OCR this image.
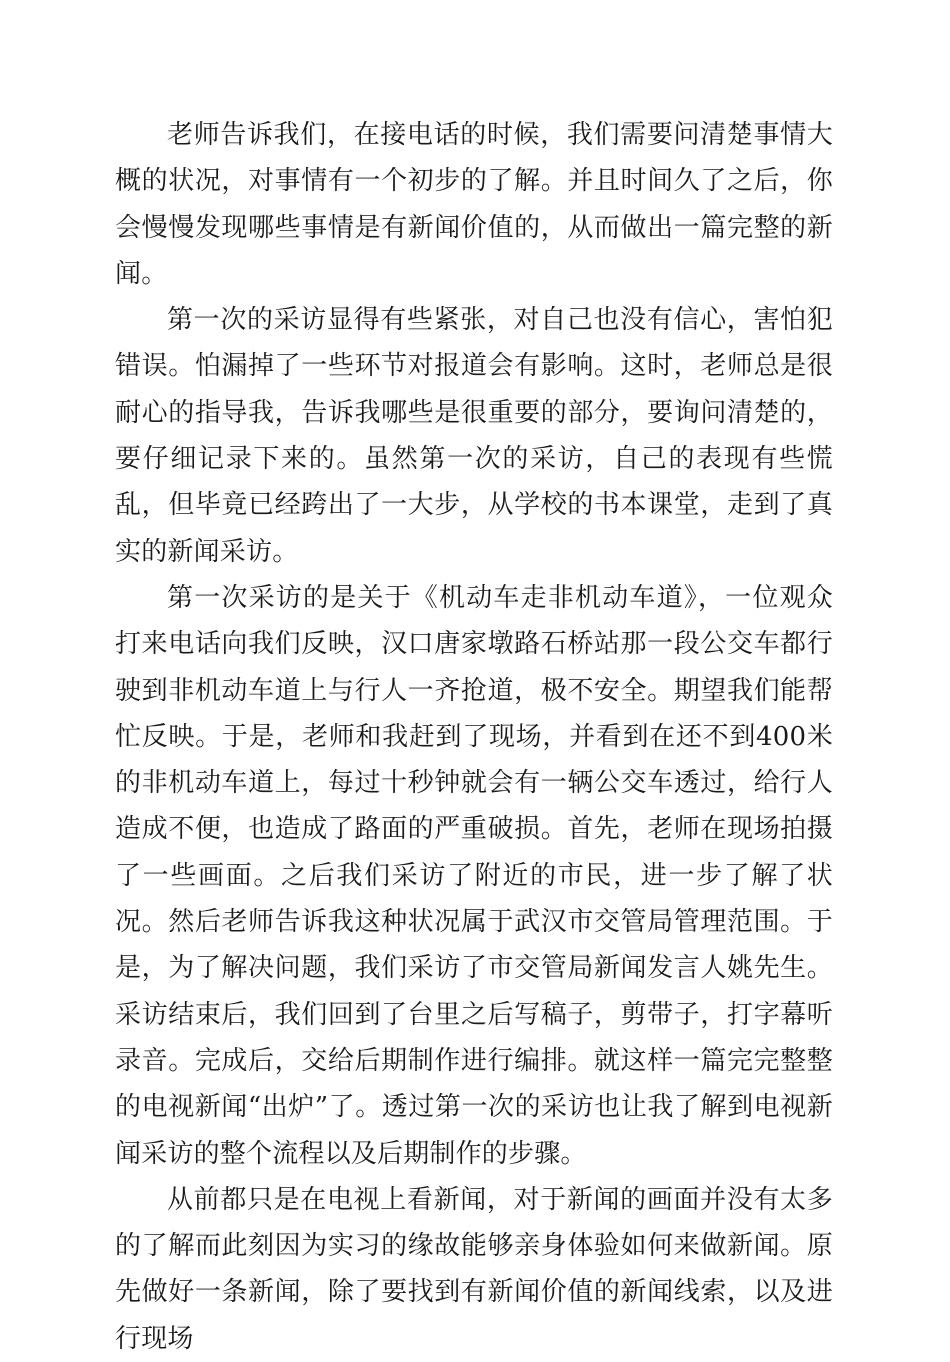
老师告诉我们，在接电话的时候，我们需要问清楚事情大概的状况，对事情有一个初步的了解。并且时间久了之后，你会慢慢发现哪些事情是有新闻价值的，从而做出一篇完整的新闻。

第一次的采访显得有些紧张，对自己也没有信心，害怕犯错误。怕漏掉了一些环节对报道会有影响。这时，老师总是很耐心的指导我，告诉我哪些是很重要的部分，要询问清楚的，要仔细记录下来的。虽然第一次的采访，自己的表现有些慌乱，但毕竟已经跨出了一大步，从学校的书本课堂，走到了真实的新闻采访。

第一次采访的是关于《机动车走非机动车道》，一位观众打来电话向我们反映，汉口唐家墩路石桥站那一段公交车都行驶到非机动车道上与行人一齐抢道，极不安全。期望我们能帮忙反映。于是，老师和我赶到了现场，并看到在还不到400米的非机动车道上，每过十秒钟就会有一辆公交车透过，给行人造成不便，也造成了路面的严重破损。首先，老师在现场拍摄了一些画面。之后我们采访了附近的市民，进一步了解了状况。然后老师告诉我这种状况属于武汉市交管局管理范围。于是，为了解决问题，我们采访了市交管局新闻发言人姚先生。采访结束后，我们回到了台里之后写稿子，剪带子，打字幕听录音。完成后，交给后期制作进行编排。就这样一篇完完整整的电视新闻“出炉”了。透过第一次的采访也让我了解到电视新闻采访的整个流程以及后期制作的步骤。

从前都只是在电视上看新闻，对于新闻的画面并没有太多的了解而此刻因为实习的缘故能够亲身体验如何来做新闻。原先做好一条新闻，除了要找到有新闻价值的新闻线索，以及进行现场
